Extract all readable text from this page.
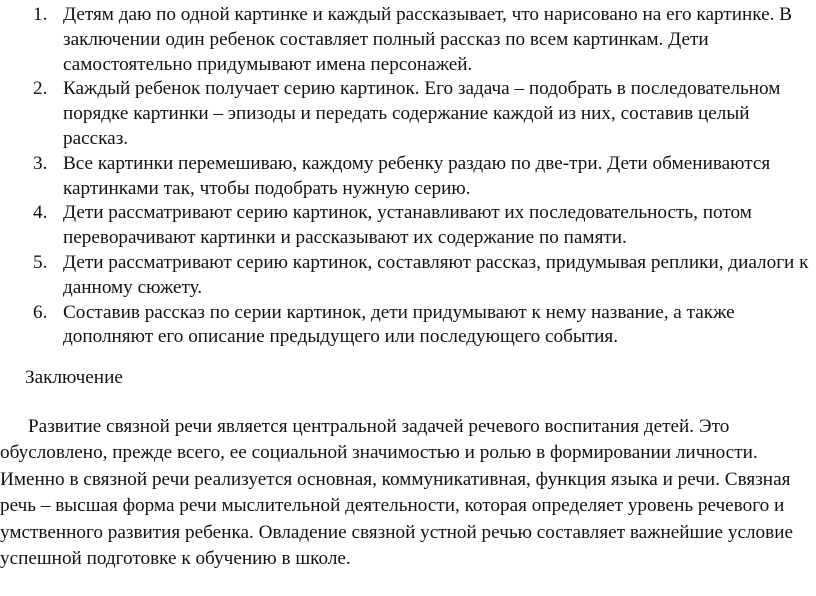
1. Детям даю по одной картинке и каждый рассказывает, что нарисовано на его картинке. В заключении один ребенок составляет полный рассказ по всем картинкам. Дети самостоятельно придумывают имена персонажей.
2. Каждый ребенок получает серию картинок. Его задача – подобрать в последовательном порядке картинки – эпизоды и передать содержание каждой из них, составив целый рассказ.
3. Все картинки перемешиваю, каждому ребенку раздаю по две-три. Дети обмениваются картинками так, чтобы подобрать нужную серию.
4. Дети рассматривают серию картинок, устанавливают их последовательность, потом переворачивают картинки и рассказывают их содержание по памяти.
5. Дети рассматривают серию картинок, составляют рассказ, придумывая реплики, диалоги к данному сюжету.
6. Составив рассказ по серии картинок, дети придумывают к нему название, а также дополняют его описание предыдущего или последующего события.

Заключение

Развитие связной речи является центральной задачей речевого воспитания детей. Это обусловлено, прежде всего, ее социальной значимостью и ролью в формировании личности. Именно в связной речи реализуется основная, коммуникативная, функция языка и речи. Связная речь – высшая форма речи мыслительной деятельности, которая определяет уровень речевого и умственного развития ребенка. Овладение связной устной речью составляет важнейшие условие успешной подготовке к обучению в школе.
